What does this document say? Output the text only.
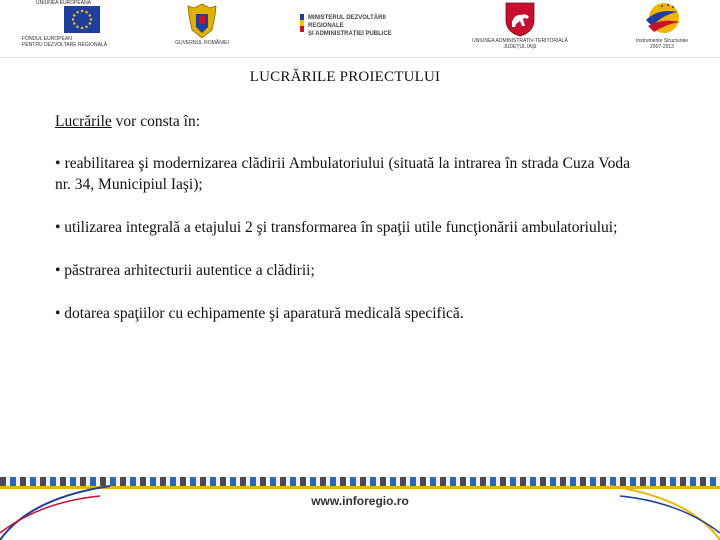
UNIUNEA EUROPEANĂ
FONDUL EUROPEAN
PENTRU DEZVOLTARE REGIONALĂ	GUVERNUL ROMÂNIEI
MINISTERUL DEZVOLTĂRII REGIONALE
ȘI ADMINISTRAȚIEI PUBLICE
UNIUNEA ADMINISTRATIV-TERITORIALĂ
JUDEȚUL IAȘI
Instrumente Structurale
2007-2013
LUCRĂRILE PROIECTULUI

Lucrările vor consta în:

• reabilitarea şi modernizarea clădirii Ambulatoriului (situată la intrarea în strada Cuza Voda nr. 34, Municipiul Iaşi);

• utilizarea integrală a etajului 2 şi transformarea în spaţii utile funcţionării ambulatoriului;

• păstrarea arhitecturii autentice a clădirii;

• dotarea spaţiilor cu echipamente şi aparatură medicală specifică.

www.inforegio.ro
